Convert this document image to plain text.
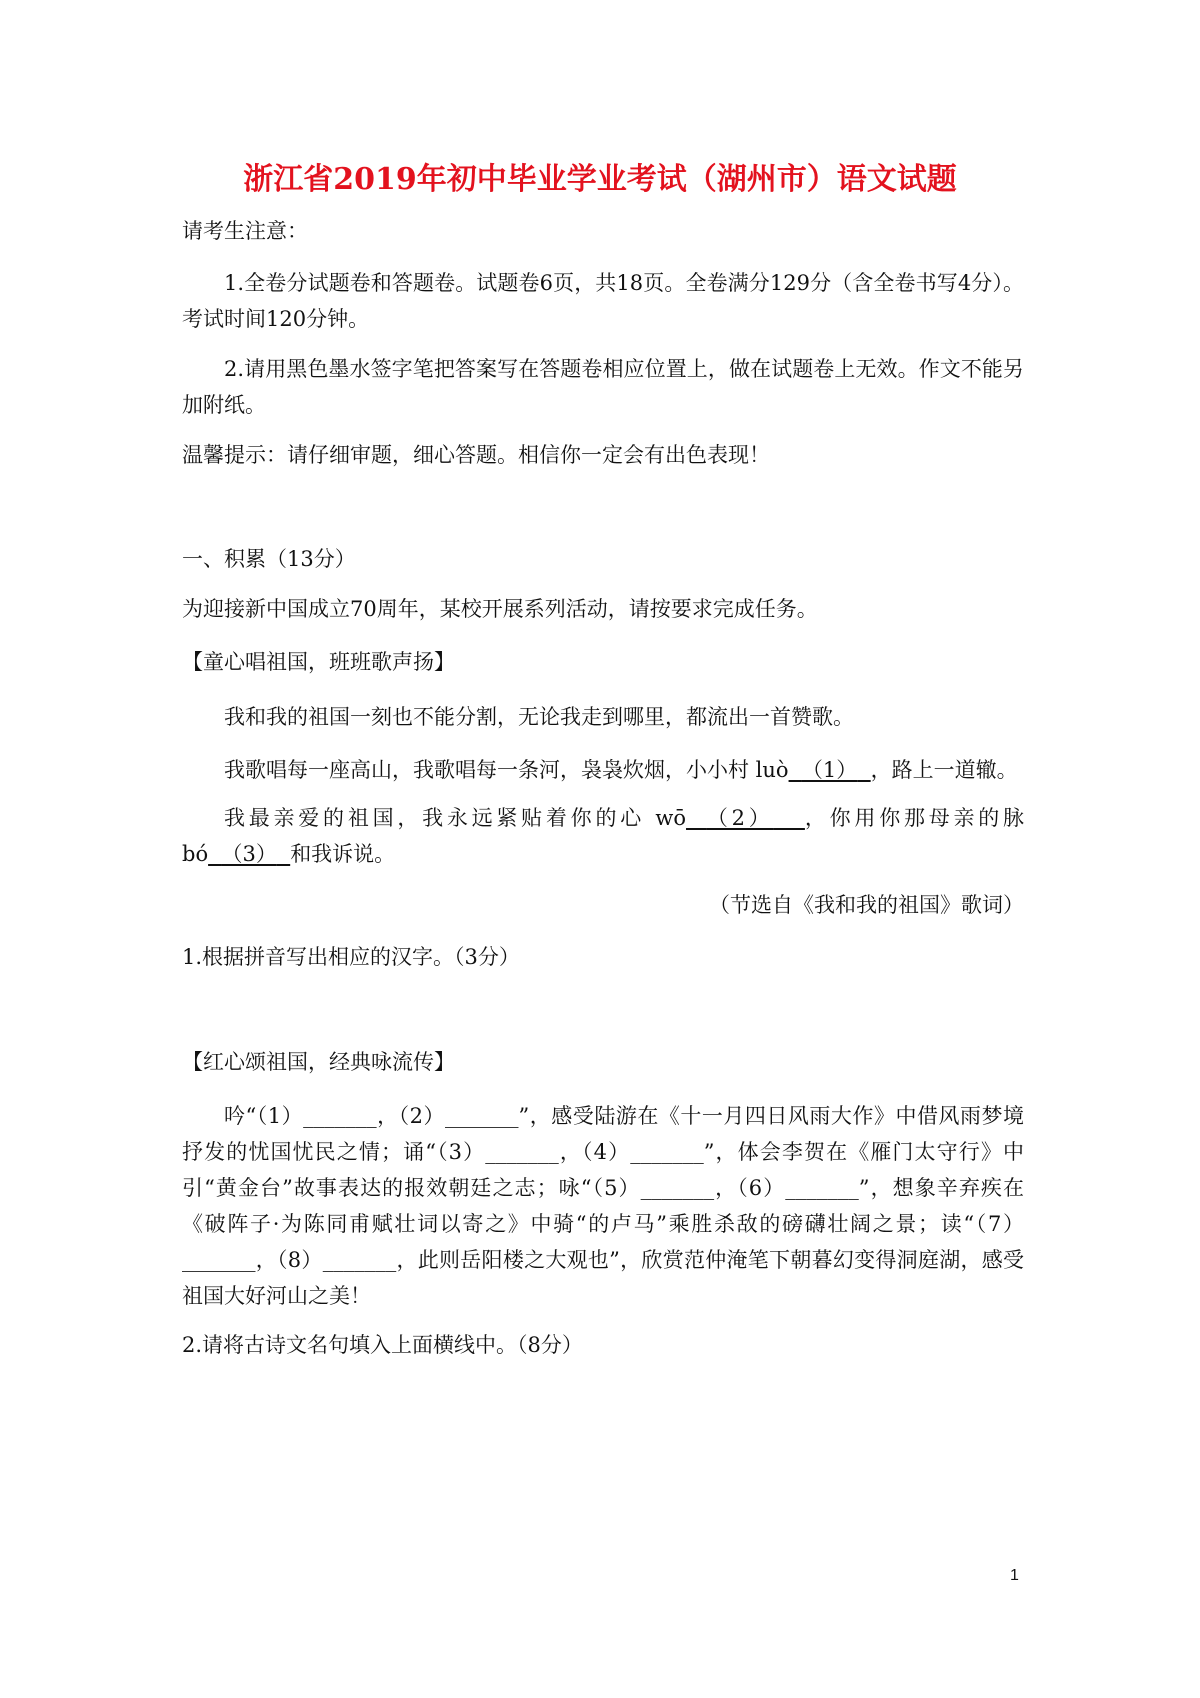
浙江省2019年初中毕业学业考试（湖州市）语文试题
请考生注意：
1.全卷分试题卷和答题卷。试题卷6页，共18页。全卷满分129分（含全卷书写4分）。考试时间120分钟。
2.请用黑色墨水签字笔把答案写在答题卷相应位置上，做在试题卷上无效。作文不能另加附纸。
温馨提示：请仔细审题，细心答题。相信你一定会有出色表现！
一、积累（13分）
为迎接新中国成立70周年，某校开展系列活动，请按要求完成任务。
【童心唱祖国，班班歌声扬】
我和我的祖国一刻也不能分割，无论我走到哪里，都流出一首赞歌。
我歌唱每一座高山，我歌唱每一条河，袅袅炊烟，小小村 luò （1） ，路上一道辙。
我最亲爱的祖国，我永远紧贴着你的心 wō （2） ，你用你那母亲的脉 bó （3） 和我诉说。
（节选自《我和我的祖国》歌词）
1.根据拼音写出相应的汉字。（3分）
【红心颂祖国，经典咏流传】
吟“（1）_______，（2）_______”，感受陆游在《十一月四日风雨大作》中借风雨梦境抒发的忧国忧民之情；诵“（3）_______，（4）_______”，体会李贺在《雁门太守行》中引“黄金台”故事表达的报效朝廷之志；咏“（5）_______，（6）_______”，想象辛弃疾在《破阵子·为陈同甫赋壮词以寄之》中骑“的卢马”乘胜杀敌的磅礴壮阔之景；读“（7）_______，（8）_______，此则岳阳楼之大观也”，欣赏范仲淹笔下朝暮幻变得洞庭湖，感受祖国大好河山之美！
2.请将古诗文名句填入上面横线中。（8分）
1
